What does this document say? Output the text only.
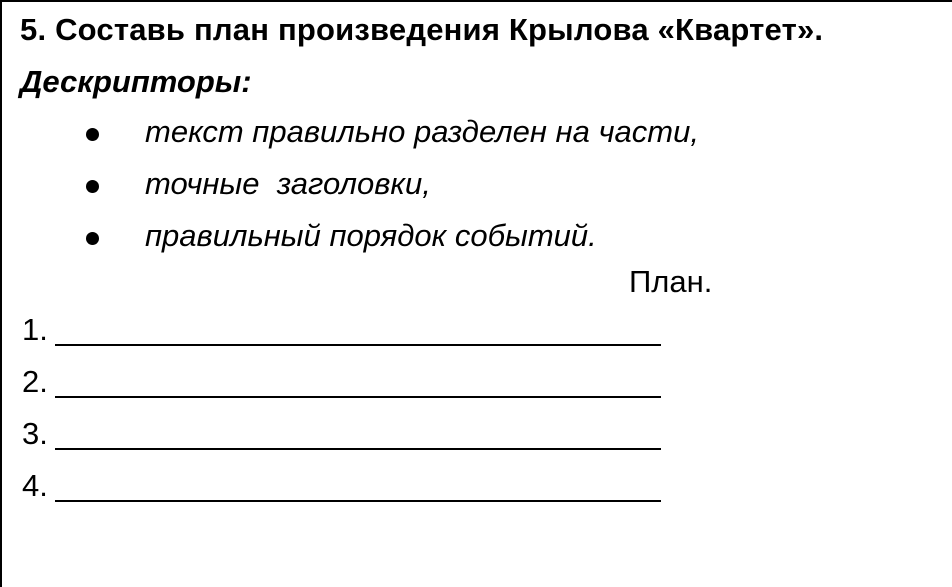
5. Составь план произведения Крылова «Квартет».
Дескрипторы:
текст правильно разделен на части,
точные  заголовки,
правильный порядок событий.
План.
1.
2.
3.
4.
